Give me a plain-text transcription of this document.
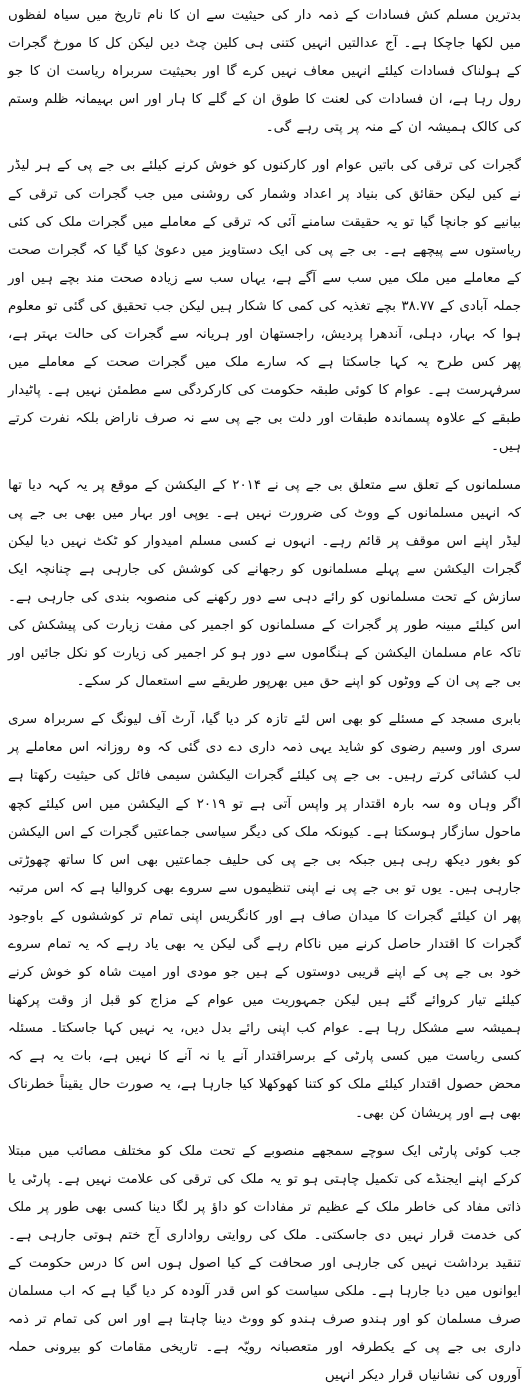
بدترین مسلم کش فسادات کے ذمہ دار کی حیثیت سے ان کا نام تاریخ میں سیاہ لفظوں میں لکھا جاچکا ہے۔ آج عدالتیں انہیں کتنی ہی کلین چٹ دیں لیکن کل کا مورخ گجرات کے ہولناک فسادات کیلئے انہیں معاف نہیں کرے گا اور بحیثیت سربراہ ریاست ان کا جو رول رہا ہے، ان فسادات کی لعنت کا طوق ان کے گلے کا ہار اور اس بہیمانہ ظلم وستم کی کالک ہمیشہ ان کے منہ پر پتی رہے گی۔

گجرات کی ترقی کی باتیں عوام اور کارکنوں کو خوش کرنے کیلئے بی جے پی کے ہر لیڈر نے کیں لیکن حقائق کی بنیاد پر اعداد وشمار کی روشنی میں جب گجرات کی ترقی کے بیانیے کو جانچا گیا تو یہ حقیقت سامنے آئی کہ ترقی کے معاملے میں گجرات ملک کی کئی ریاستوں سے پیچھے ہے۔ بی جے پی کی ایک دستاویز میں دعویٰ کیا گیا کہ گجرات صحت کے معاملے میں ملک میں سب سے آگے ہے، یہاں سب سے زیادہ صحت مند بچے ہیں اور جملہ آبادی کے ۳۸.۷۷ بچے تغذیہ کی کمی کا شکار ہیں لیکن جب تحقیق کی گئی تو معلوم ہوا کہ بہار، دہلی، آندھرا پردیش، راجستھان اور ہریانہ سے گجرات کی حالت بہتر ہے، پھر کس طرح یہ کہا جاسکتا ہے کہ سارے ملک میں گجرات صحت کے معاملے میں سرفہرست ہے۔ عوام کا کوئی طبقہ حکومت کی کارکردگی سے مطمئن نہیں ہے۔ پاٹیدار طبقے کے علاوہ پسماندہ طبقات اور دلت بی جے پی سے نہ صرف ناراض بلکہ نفرت کرتے ہیں۔

مسلمانوں کے تعلق سے متعلق بی جے پی نے ۲۰۱۴ کے الیکشن کے موقع پر یہ کہہ دیا تھا کہ انہیں مسلمانوں کے ووٹ کی ضرورت نہیں ہے۔ یوپی اور بہار میں بھی بی جے پی لیڈر اپنے اس موقف پر قائم رہے۔ انہوں نے کسی مسلم امیدوار کو ٹکٹ نہیں دیا لیکن گجرات الیکشن سے پہلے مسلمانوں کو رجھانے کی کوشش کی جارہی ہے چنانچہ ایک سازش کے تحت مسلمانوں کو رائے دہی سے دور رکھنے کی منصوبہ بندی کی جارہی ہے۔ اس کیلئے مبینہ طور پر گجرات کے مسلمانوں کو اجمیر کی مفت زیارت کی پیشکش کی تاکہ عام مسلمان الیکشن کے ہنگاموں سے دور ہو کر اجمیر کی زیارت کو نکل جائیں اور بی جے پی ان کے ووٹوں کو اپنے حق میں بھرپور طریقے سے استعمال کر سکے۔

بابری مسجد کے مسئلے کو بھی اس لئے تازہ کر دیا گیا، آرٹ آف لیونگ کے سربراہ سری سری اور وسیم رضوی کو شاید یہی ذمہ داری دے دی گئی کہ وہ روزانہ اس معاملے پر لب کشائی کرتے رہیں۔ بی جے پی کیلئے گجرات الیکشن سیمی فائل کی حیثیت رکھتا ہے اگر وہاں وہ سہ بارہ اقتدار پر واپس آتی ہے تو ۲۰۱۹ کے الیکشن میں اس کیلئے کچھ ماحول سازگار ہوسکتا ہے۔ کیونکہ ملک کی دیگر سیاسی جماعتیں گجرات کے اس الیکشن کو بغور دیکھ رہی ہیں جبکہ بی جے پی کی حلیف جماعتیں بھی اس کا ساتھ چھوڑتی جارہی ہیں۔ یوں تو بی جے پی نے اپنی تنظیموں سے سروے بھی کروالیا ہے کہ اس مرتبہ پھر ان کیلئے گجرات کا میدان صاف ہے اور کانگریس اپنی تمام تر کوششوں کے باوجود گجرات کا اقتدار حاصل کرنے میں ناکام رہے گی لیکن یہ بھی یاد رہے کہ یہ تمام سروے خود بی جے پی کے اپنے قریبی دوستوں کے ہیں جو مودی اور امیت شاہ کو خوش کرنے کیلئے تیار کروائے گئے ہیں لیکن جمہوریت میں عوام کے مزاج کو قبل از وقت پرکھنا ہمیشہ سے مشکل رہا ہے۔ عوام کب اپنی رائے بدل دیں، یہ نہیں کہا جاسکتا۔ مسئلہ کسی ریاست میں کسی پارٹی کے برسراقتدار آنے یا نہ آنے کا نہیں ہے، بات یہ ہے کہ محض حصول اقتدار کیلئے ملک کو کتنا کھوکھلا کیا جارہا ہے، یہ صورت حال یقیناً خطرناک بھی ہے اور پریشان کن بھی۔

جب کوئی پارٹی ایک سوچے سمجھے منصوبے کے تحت ملک کو مختلف مصائب میں مبتلا کرکے اپنے ایجنڈے کی تکمیل چاہتی ہو تو یہ ملک کی ترقی کی علامت نہیں ہے۔ پارٹی یا ذاتی مفاد کی خاطر ملک کے عظیم تر مفادات کو داؤ پر لگا دینا کسی بھی طور پر ملک کی خدمت قرار نہیں دی جاسکتی۔ ملک کی روایتی رواداری آج ختم ہوتی جارہی ہے۔ تنقید برداشت نہیں کی جارہی اور صحافت کے کیا اصول ہوں اس کا درس حکومت کے ایوانوں میں دیا جارہا ہے۔ ملکی سیاست کو اس قدر آلودہ کر دیا گیا ہے کہ اب مسلمان صرف مسلمان کو اور ہندو صرف ہندو کو ووٹ دینا چاہتا ہے اور اس کی تمام تر ذمہ داری بی جے پی کے یکطرفہ اور متعصبانہ رویّہ ہے۔ تاریخی مقامات کو بیرونی حملہ آوروں کی نشانیاں قرار دیکر انہیں
